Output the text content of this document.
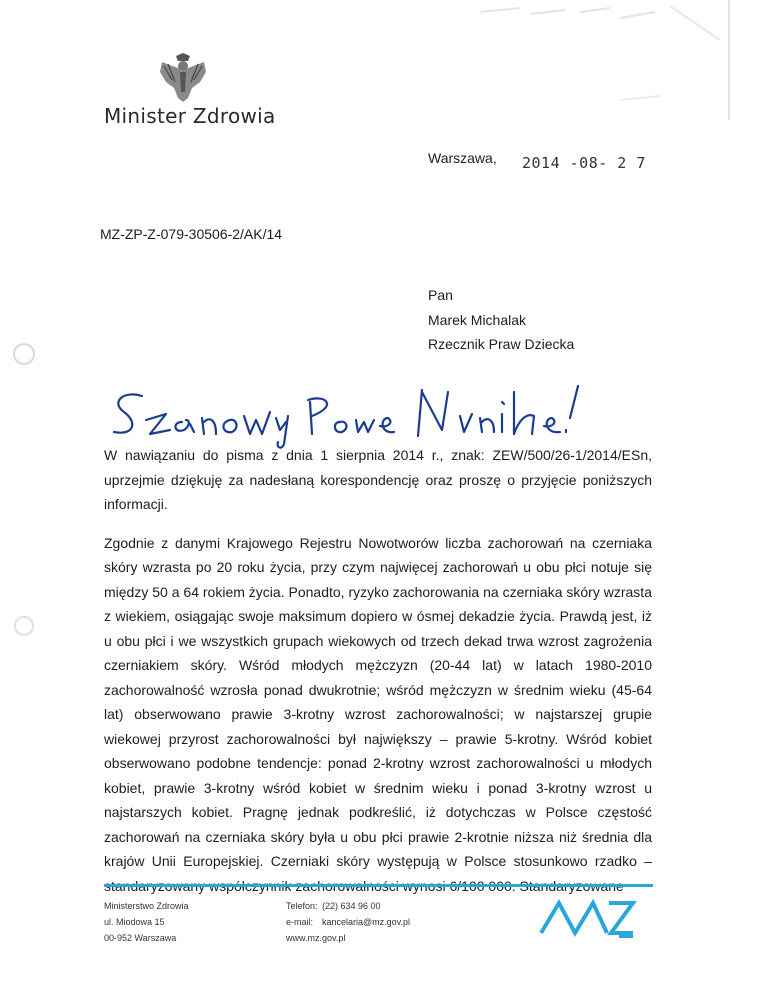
Minister Zdrowia
Warszawa, 2014 -08- 2 7
MZ-ZP-Z-079-30506-2/AK/14
Pan
Marek Michalak
Rzecznik Praw Dziecka

W nawiązaniu do pisma z dnia 1 sierpnia 2014 r., znak: ZEW/500/26-1/2014/ESn, uprzejmie dziękuję za nadesłaną korespondencję oraz proszę o przyjęcie poniższych informacji.

Zgodnie z danymi Krajowego Rejestru Nowotworów liczba zachorowań na czerniaka skóry wzrasta po 20 roku życia, przy czym najwięcej zachorowań u obu płci notuje się między 50 a 64 rokiem życia. Ponadto, ryzyko zachorowania na czerniaka skóry wzrasta z wiekiem, osiągając swoje maksimum dopiero w ósmej dekadzie życia. Prawdą jest, iż u obu płci i we wszystkich grupach wiekowych od trzech dekad trwa wzrost zagrożenia czerniakiem skóry. Wśród młodych mężczyzn (20-44 lat) w latach 1980-2010 zachorowalność wzrosła ponad dwukrotnie; wśród mężczyzn w średnim wieku (45-64 lat) obserwowano prawie 3-krotny wzrost zachorowalności; w najstarszej grupie wiekowej przyrost zachorowalności był największy – prawie 5-krotny. Wśród kobiet obserwowano podobne tendencje: ponad 2-krotny wzrost zachorowalności u młodych kobiet, prawie 3-krotny wśród kobiet w średnim wieku i ponad 3-krotny wzrost u najstarszych kobiet. Pragnę jednak podkreślić, iż dotychczas w Polsce częstość zachorowań na czerniaka skóry była u obu płci prawie 2-krotnie niższa niż średnia dla krajów Unii Europejskiej. Czerniaki skóry występują w Polsce stosunkowo rzadko –

Ministerstwo Zdrowia
ul. Miodowa 15
00-952 Warszawa
Telefon: (22) 634 96 00
e-mail: kancelaria@mz.gov.pl
www.mz.gov.pl
